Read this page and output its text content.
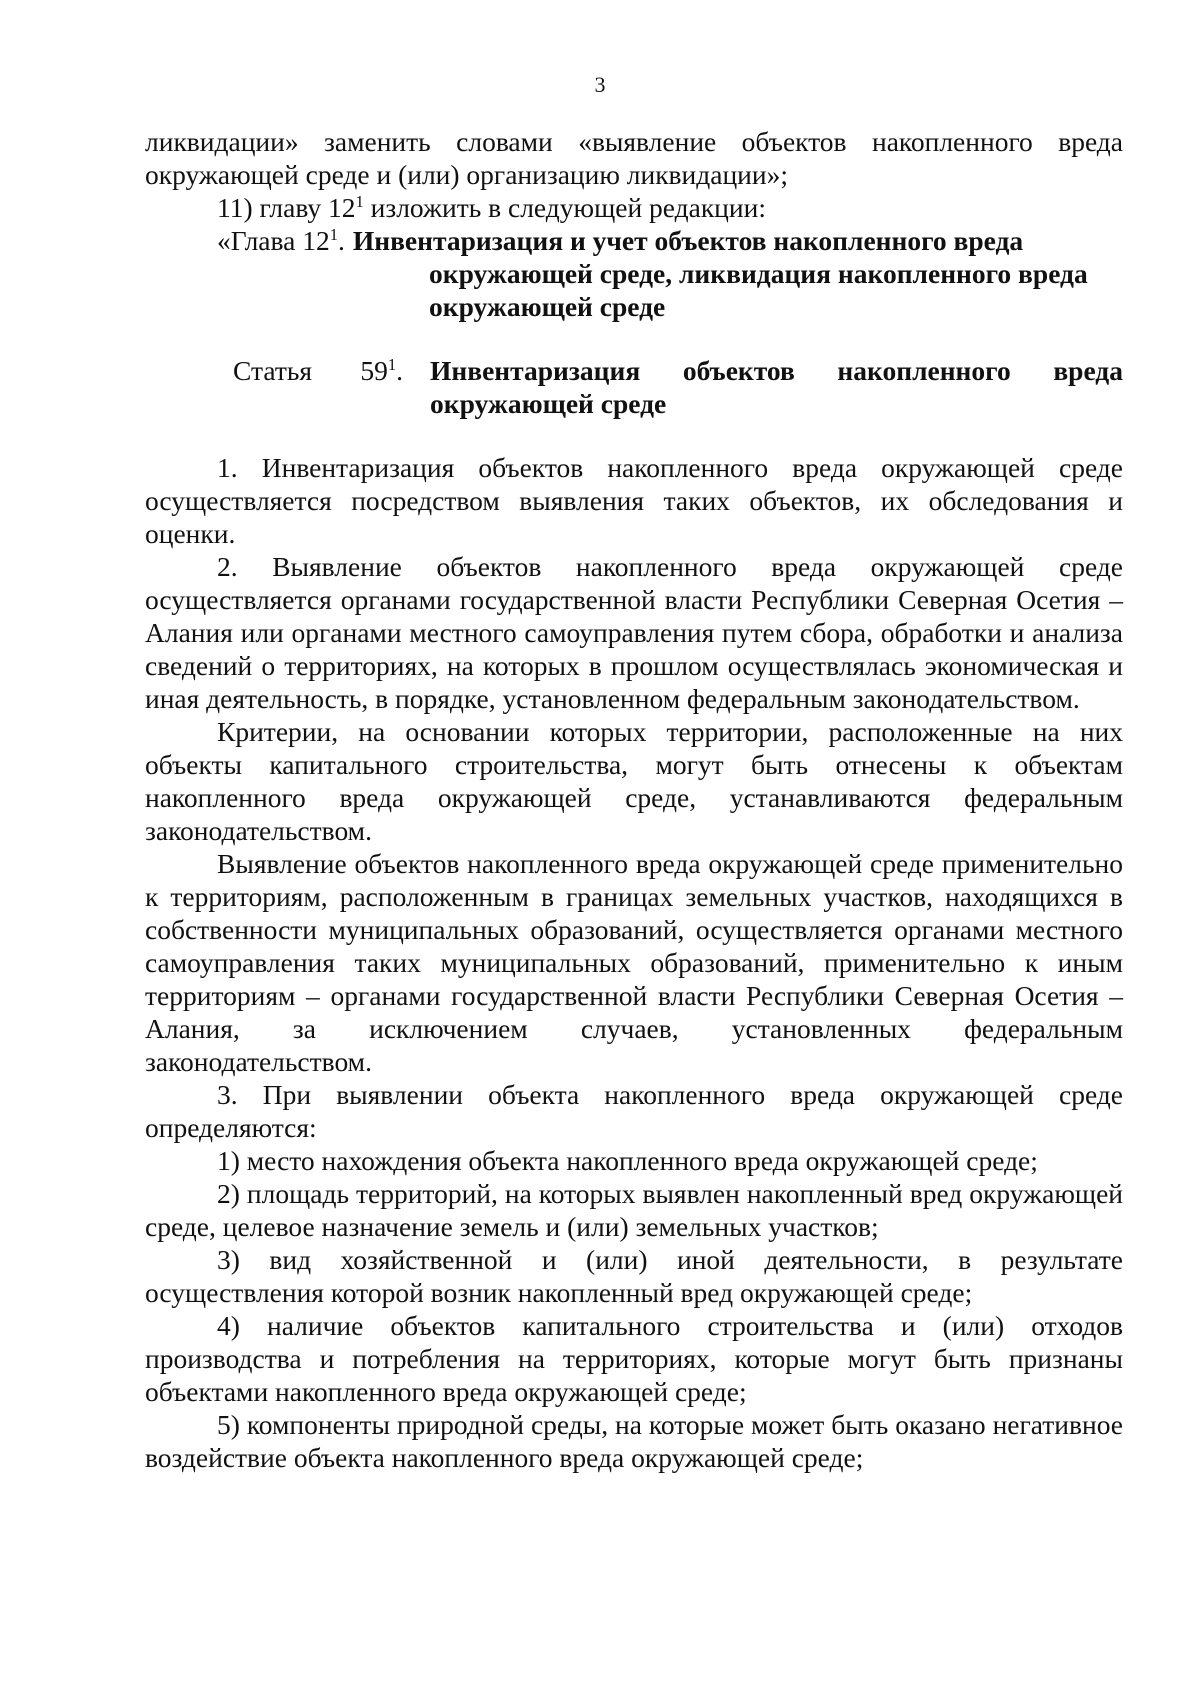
3

ликвидации» заменить словами «выявление объектов накопленного вреда окружающей среде и (или) организацию ликвидации»;

11) главу $12^1$ изложить в следующей редакции:

«Глава $12^1$. Инвентаризация и учет объектов накопленного вреда
окружающей среде, ликвидация накопленного вреда
окружающей среде
Статья $59^1$. Инвентаризация объектов накопленного вреда
окружающей среде

1. Инвентаризация объектов накопленного вреда окружающей среде осуществляется посредством выявления таких объектов, их обследования и оценки.

2. Выявление объектов накопленного вреда окружающей среде осуществляется органами государственной власти Республики Северная Осетия – Алания или органами местного самоуправления путем сбора, обработки и анализа сведений о территориях, на которых в прошлом осуществлялась экономическая и иная деятельность, в порядке, установленном федеральным законодательством.

Критерии, на основании которых территории, расположенные на них объекты капитального строительства, могут быть отнесены к объектам накопленного вреда окружающей среде, устанавливаются федеральным законодательством.

Выявление объектов накопленного вреда окружающей среде применительно к территориям, расположенным в границах земельных участков, находящихся в собственности муниципальных образований, осуществляется органами местного самоуправления таких муниципальных образований, применительно к иным территориям – органами государственной власти Республики Северная Осетия – Алания, за исключением случаев, установленных федеральным законодательством.

3. При выявлении объекта накопленного вреда окружающей среде определяются:

1) место нахождения объекта накопленного вреда окружающей среде;

2) площадь территорий, на которых выявлен накопленный вред окружающей среде, целевое назначение земель и (или) земельных участков;

3) вид хозяйственной и (или) иной деятельности, в результате осуществления которой возник накопленный вред окружающей среде;

4) наличие объектов капитального строительства и (или) отходов производства и потребления на территориях, которые могут быть признаны объектами накопленного вреда окружающей среде;

5) компоненты природной среды, на которые может быть оказано негативное воздействие объекта накопленного вреда окружающей среде;
